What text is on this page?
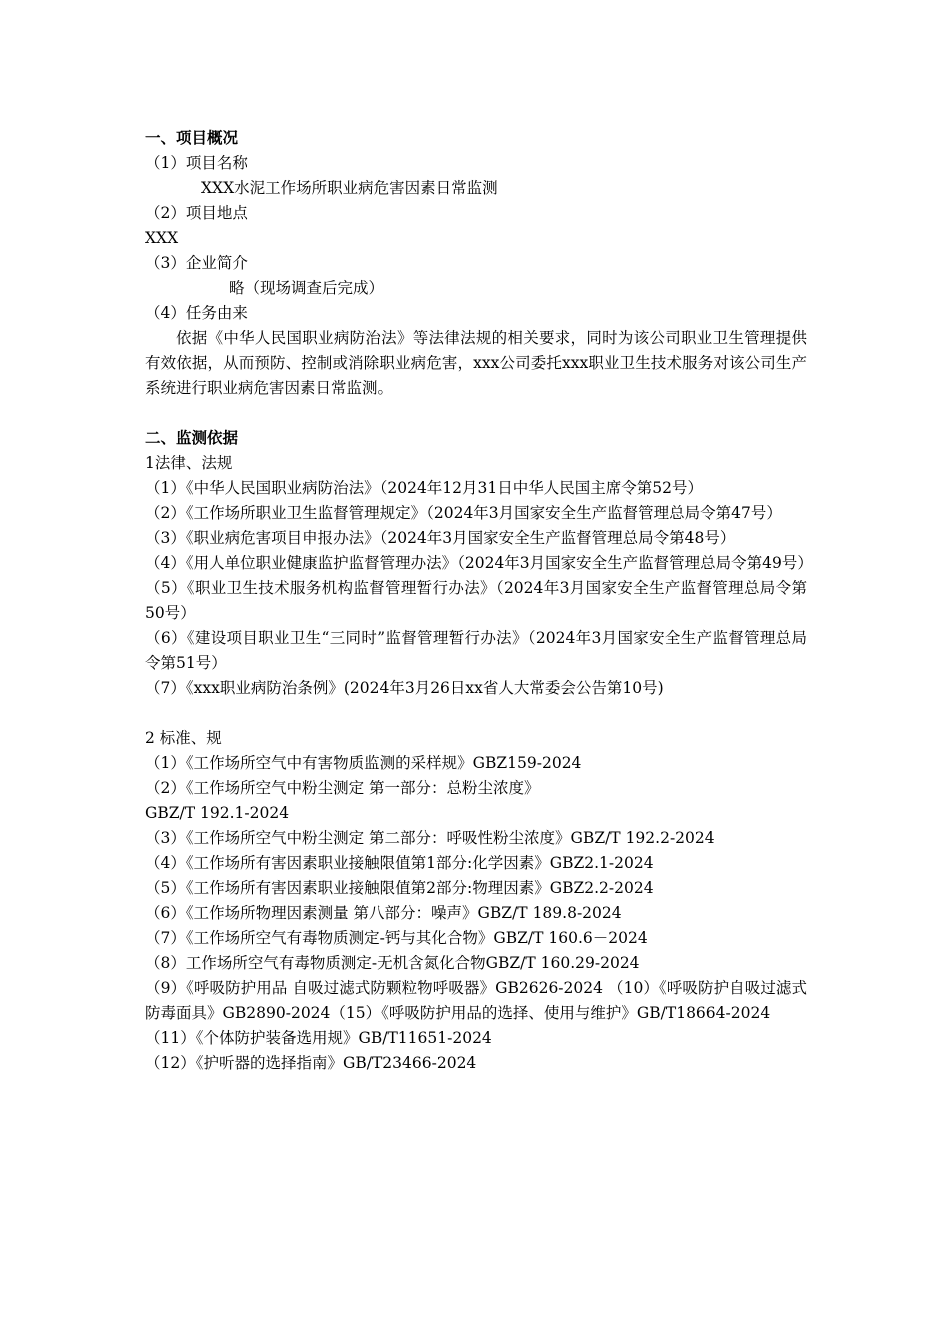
一、项目概况
（1）项目名称
XXX水泥工作场所职业病危害因素日常监测
（2）项目地点
XXX
（3）企业简介
略（现场调查后完成）
（4）任务由来
依据《中华人民国职业病防治法》等法律法规的相关要求，同时为该公司职业卫生管理提供有效依据，从而预防、控制或消除职业病危害，xxx公司委托xxx职业卫生技术服务对该公司生产系统进行职业病危害因素日常监测。
二、监测依据
1法律、法规
（1）《中华人民国职业病防治法》（2024年12月31日中华人民国主席令第52号）
（2）《工作场所职业卫生监督管理规定》（2024年3月国家安全生产监督管理总局令第47号）
（3）《职业病危害项目申报办法》（2024年3月国家安全生产监督管理总局令第48号）
（4）《用人单位职业健康监护监督管理办法》（2024年3月国家安全生产监督管理总局令第49号）
（5）《职业卫生技术服务机构监督管理暂行办法》（2024年3月国家安全生产监督管理总局令第50号）
（6）《建设项目职业卫生“三同时”监督管理暂行办法》（2024年3月国家安全生产监督管理总局令第51号）
（7）《xxx职业病防治条例》(2024年3月26日xx省人大常委会公告第10号)
2 标准、规
（1）《工作场所空气中有害物质监测的采样规》GBZ159-2024
（2）《工作场所空气中粉尘测定 第一部分：总粉尘浓度》
GBZ/T 192.1-2024
（3）《工作场所空气中粉尘测定 第二部分：呼吸性粉尘浓度》GBZ/T 192.2-2024
（4）《工作场所有害因素职业接触限值第1部分:化学因素》GBZ2.1-2024
（5）《工作场所有害因素职业接触限值第2部分:物理因素》GBZ2.2-2024
（6）《工作场所物理因素测量 第八部分：噪声》GBZ/T 189.8-2024
（7）《工作场所空气有毒物质测定-钙与其化合物》GBZ/T 160.6－2024
（8）工作场所空气有毒物质测定-无机含氮化合物GBZ/T 160.29-2024
（9）《呼吸防护用品 自吸过滤式防颗粒物呼吸器》GB2626-2024 （10）《呼吸防护自吸过滤式防毒面具》GB2890-2024（15）《呼吸防护用品的选择、使用与维护》GB/T18664-2024
（11）《个体防护装备选用规》GB/T11651-2024
（12）《护听器的选择指南》GB/T23466-2024
